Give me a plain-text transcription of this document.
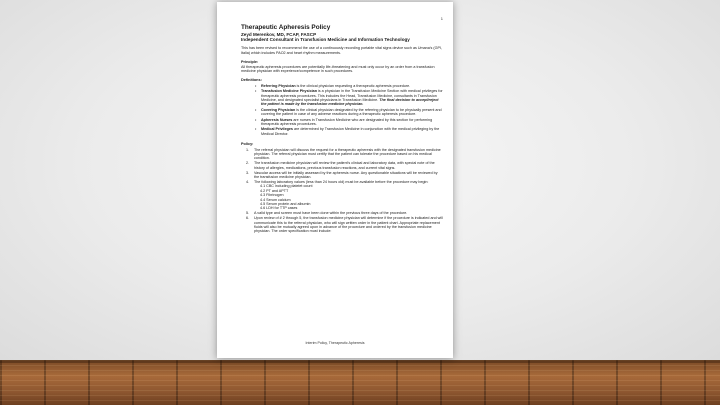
1

Therapeutic Apheresis Policy

Zeyd Merenkov, MD, FCAP, FASCP

Independent Consultant in Transfusion Medicine and Information Technology

This has been revised to recommend the use of a continuously recording portable vital signs device such as Umana's (GPI, Italia) which includes PAO2 and heart rhythm measurements.

Principle:

All therapeutic apheresis procedures are potentially life-threatening and must only occur by an order from a transfusion medicine physician with experience/competence in such procedures.

Definitions:

• Referring Physician is the clinical physician requesting a therapeutic apheresis procedure.
• Transfusion Medicine Physician is a physician in the Transfusion Medicine Section with medical privileges for therapeutic apheresis procedures. This includes the Head, Transfusion Medicine, consultants in Transfusion Medicine, and designated specialist physicians in Transfusion Medicine. The final decision to accept/reject the patient is made by the transfusion medicine physician.
• Covering Physician is the clinical physician designated by the referring physician to be physically present and covering the patient in case of any adverse reactions during a therapeutic apheresis procedure.
• Apheresis Nurses are nurses in Transfusion Medicine who are designated by this section for performing therapeutic apheresis procedures.
• Medical Privileges are determined by Transfusion Medicine in conjunction with the medical privileging by the Medical Director.

Policy:

1. The referral physician will discuss the request for a therapeutic apheresis with the designated transfusion medicine physician. The referral physician must certify that the patient can tolerate the procedure based on his medical condition.
2. The transfusion medicine physician will review the patient's clinical and laboratory data, with special note of the history of allergies, medications, previous transfusion reactions, and current vital signs.
3. Vascular access will be initially assessed by the apheresis nurse. Any questionable situations will be reviewed by the transfusion medicine physician.
4. The following laboratory values (less than 24 hours old) must be available before the procedure may begin:
4.1 CBC including platelet count
4.2 PT and APTT
4.3 Fibrinogen
4.4 Serum calcium
4.5 Serum protein and albumin
4.6 LDH for TTP cases
5. A valid type and screen must have been done within the previous three days of the procedure.
6. Upon review of # 2 through 5, the transfusion medicine physician will determine if the procedure is indicated and will communicate this to the referral physician, who will sign written order in the patient chart. Appropriate replacement fluids will also be mutually agreed upon in advance of the procedure and ordered by the transfusion medicine physician. The order specification must include:
Interim Policy, Therapeutic Apheresis
